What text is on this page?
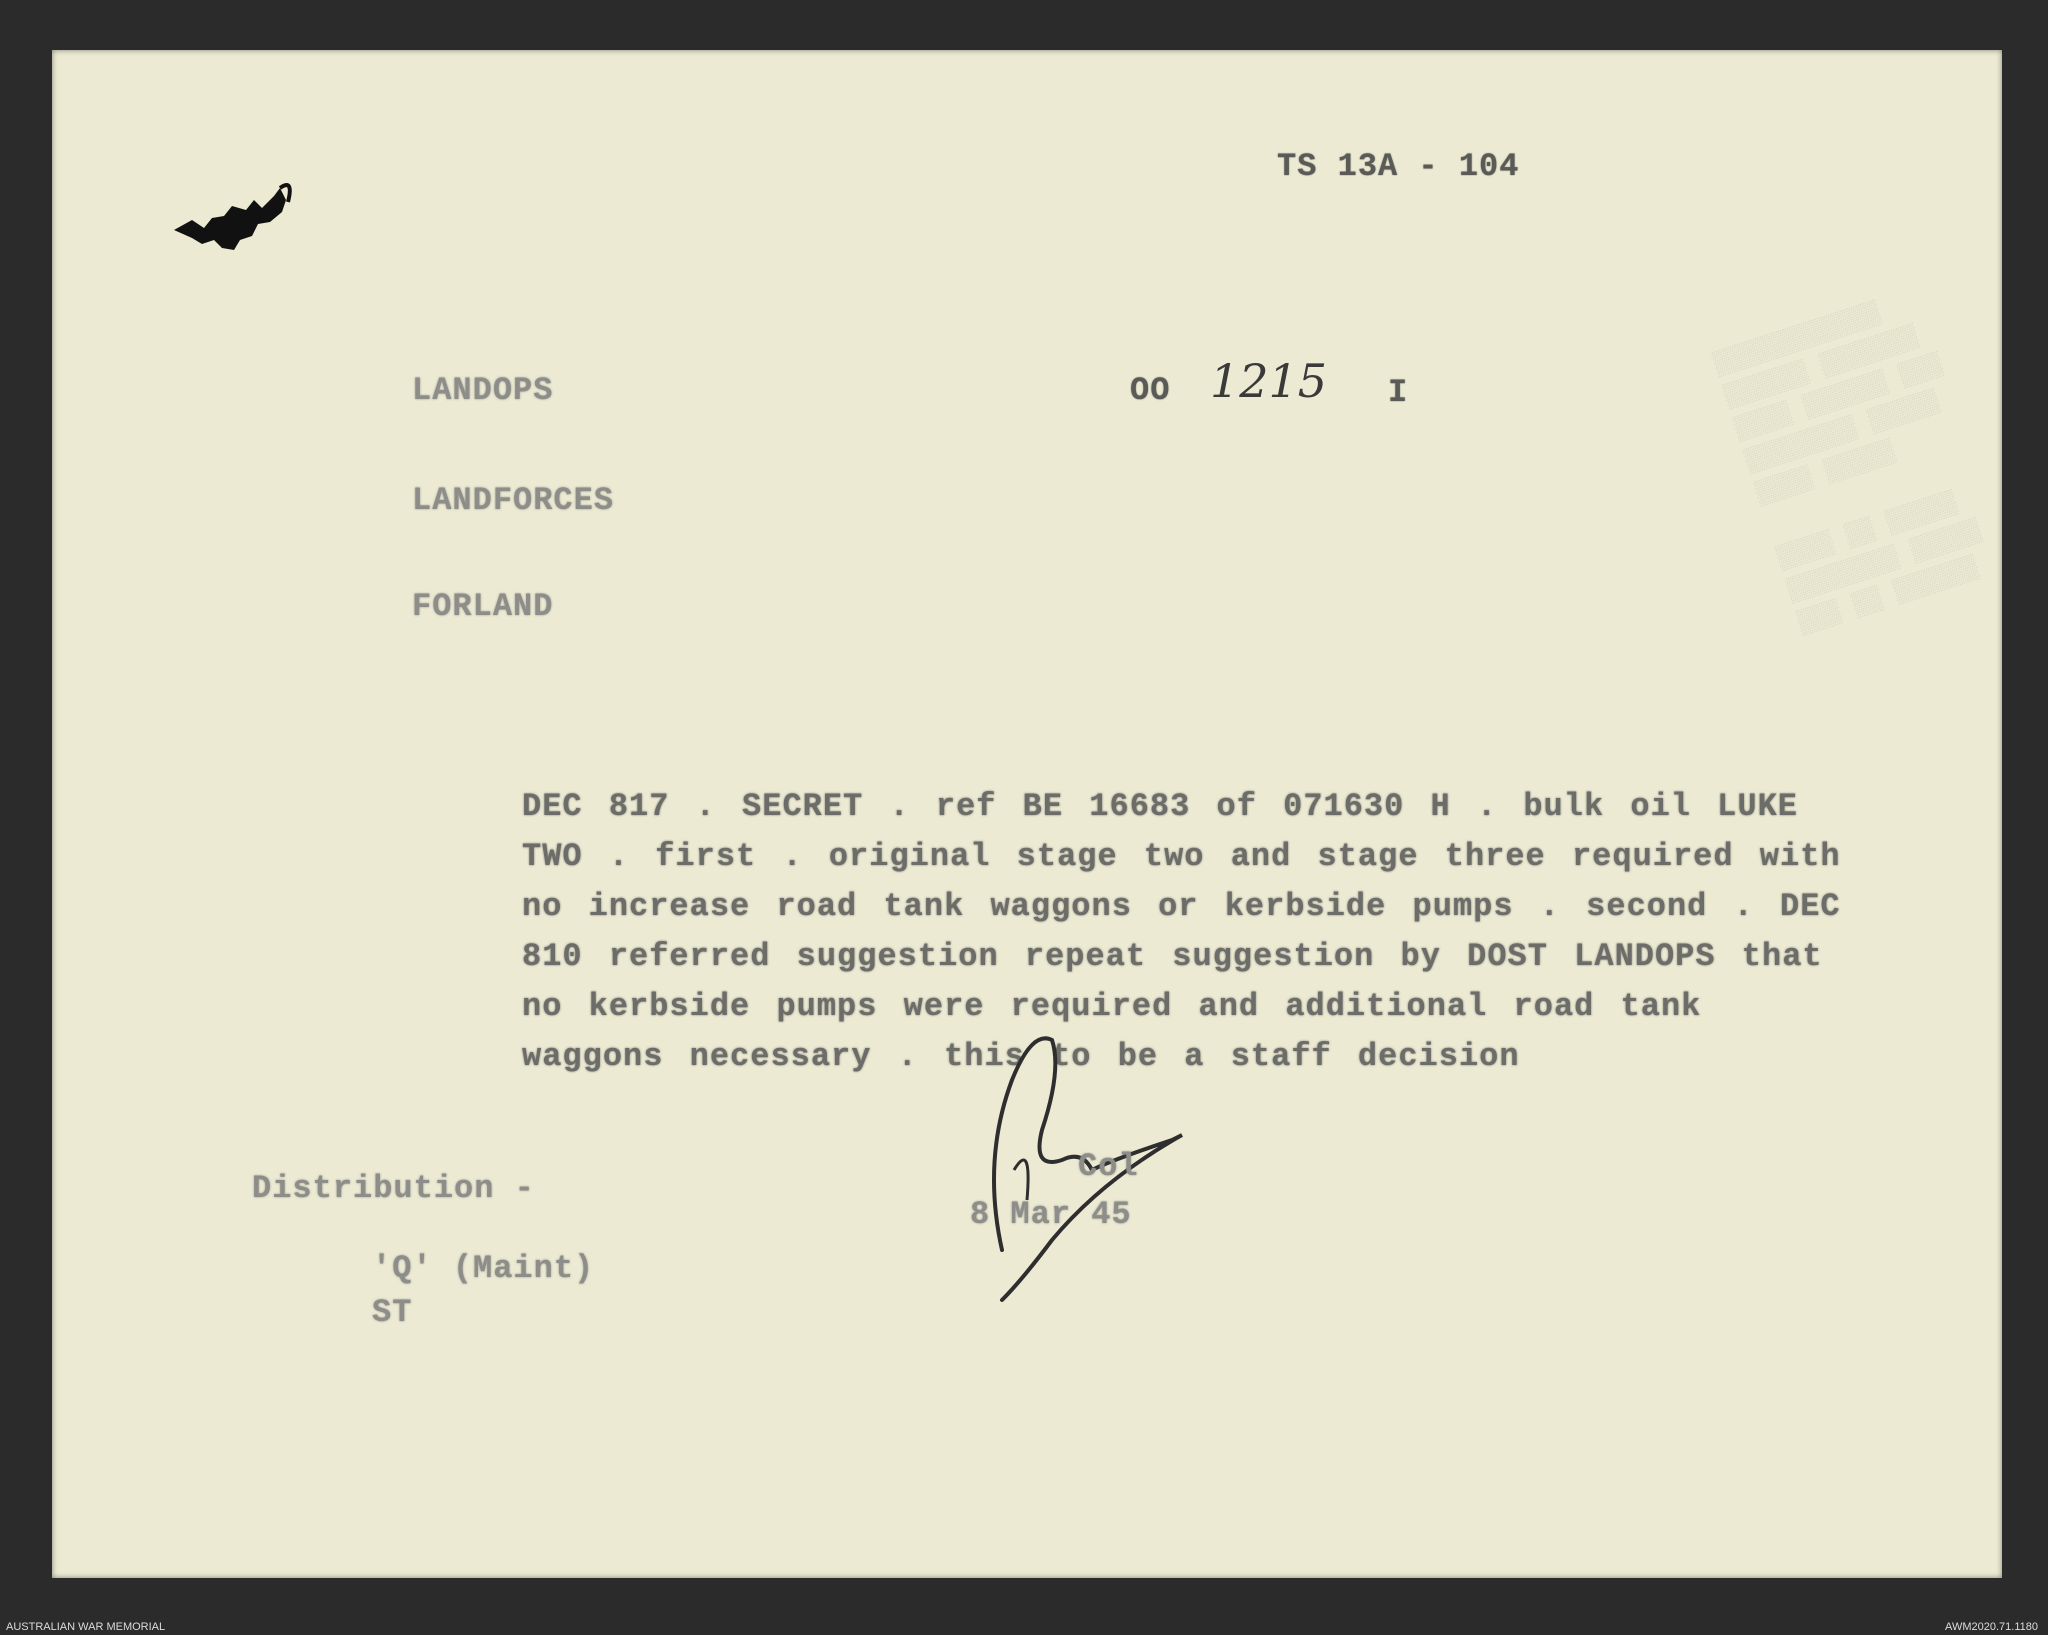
▒▒▒▒▒▒▒▒▒▒▒▒
▒▒▒▒▒▒ ▒▒▒▒▒▒▒
▒▒▒▒ ▒▒▒▒▒▒ ▒▒▒
▒▒▒▒▒▒▒▒ ▒▒▒▒▒
▒▒▒▒ ▒▒▒▒▒

▒▒▒▒ ▒▒ ▒▒▒▒▒
▒▒▒▒▒▒▒▒ ▒▒▒▒▒
▒▒▒ ▒▒ ▒▒▒▒▒▒

TS 13A - 104

LANDOPS	OO 1215 I

LANDFORCES

FORLAND

DEC 817 . SECRET . ref BE 16683 of 071630 H . bulk oil LUKE TWO . first . original stage two and stage three required with no increase road tank waggons or kerbside pumps . second . DEC 810 referred suggestion repeat suggestion by DOST LANDOPS that no kerbside pumps were required and additional road tank waggons necessary . this to be a staff decision

Col

8 Mar 45

Distribution -

'Q' (Maint)

ST

AUSTRALIAN WAR MEMORIAL	AWM2020.71.1180
